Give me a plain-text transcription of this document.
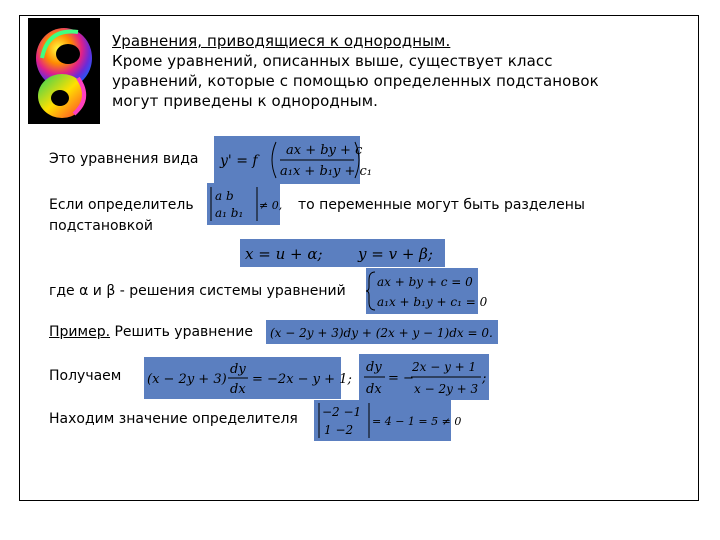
Уравнения, приводящиеся к однородным.
Кроме уравнений, описанных выше, существует класс
уравнений, которые с помощью определенных подстановок
могут приведены к однородным.
Это уравнения вида y' = f
ax + by + c
a₁x + b₁y + c₁
Если определитель
подстановкой
a b
a₁ b₁
≠ 0, то переменные могут быть разделены
x = u + α; y = v + β;
где α и β - решения системы уравнений
ax + by + c = 0
a₁x + b₁y + c₁ = 0
Пример. Решить уравнение (x − 2y + 3)dy + (2x + y − 1)dx = 0.
Получаем (x − 2y + 3)
dy
dx
= −2x − y + 1;
dy
dx
= −
2x − y + 1
x − 2y + 3
;
Находим значение определителя −2 −1
1 −2
= 4 − 1 = 5 ≠ 0
